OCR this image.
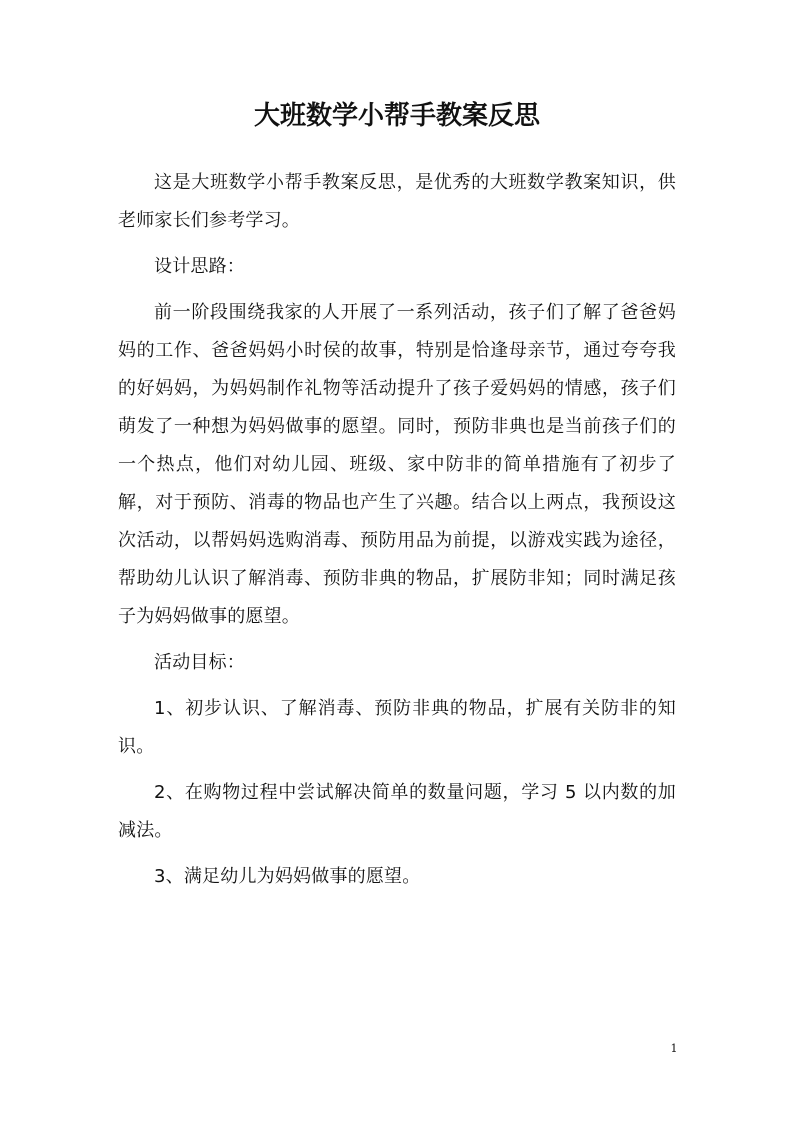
大班数学小帮手教案反思

这是大班数学小帮手教案反思，是优秀的大班数学教案知识，供老师家长们参考学习。

设计思路：

前一阶段围绕我家的人开展了一系列活动，孩子们了解了爸爸妈妈的工作、爸爸妈妈小时侯的故事，特别是恰逢母亲节，通过夸夸我的好妈妈，为妈妈制作礼物等活动提升了孩子爱妈妈的情感，孩子们萌发了一种想为妈妈做事的愿望。同时，预防非典也是当前孩子们的一个热点，他们对幼儿园、班级、家中防非的简单措施有了初步了解，对于预防、消毒的物品也产生了兴趣。结合以上两点，我预设这次活动，以帮妈妈选购消毒、预防用品为前提，以游戏实践为途径，帮助幼儿认识了解消毒、预防非典的物品，扩展防非知；同时满足孩子为妈妈做事的愿望。

活动目标：

1、初步认识、了解消毒、预防非典的物品，扩展有关防非的知识。

2、在购物过程中尝试解决简单的数量问题，学习 5 以内数的加减法。

3、满足幼儿为妈妈做事的愿望。

1
